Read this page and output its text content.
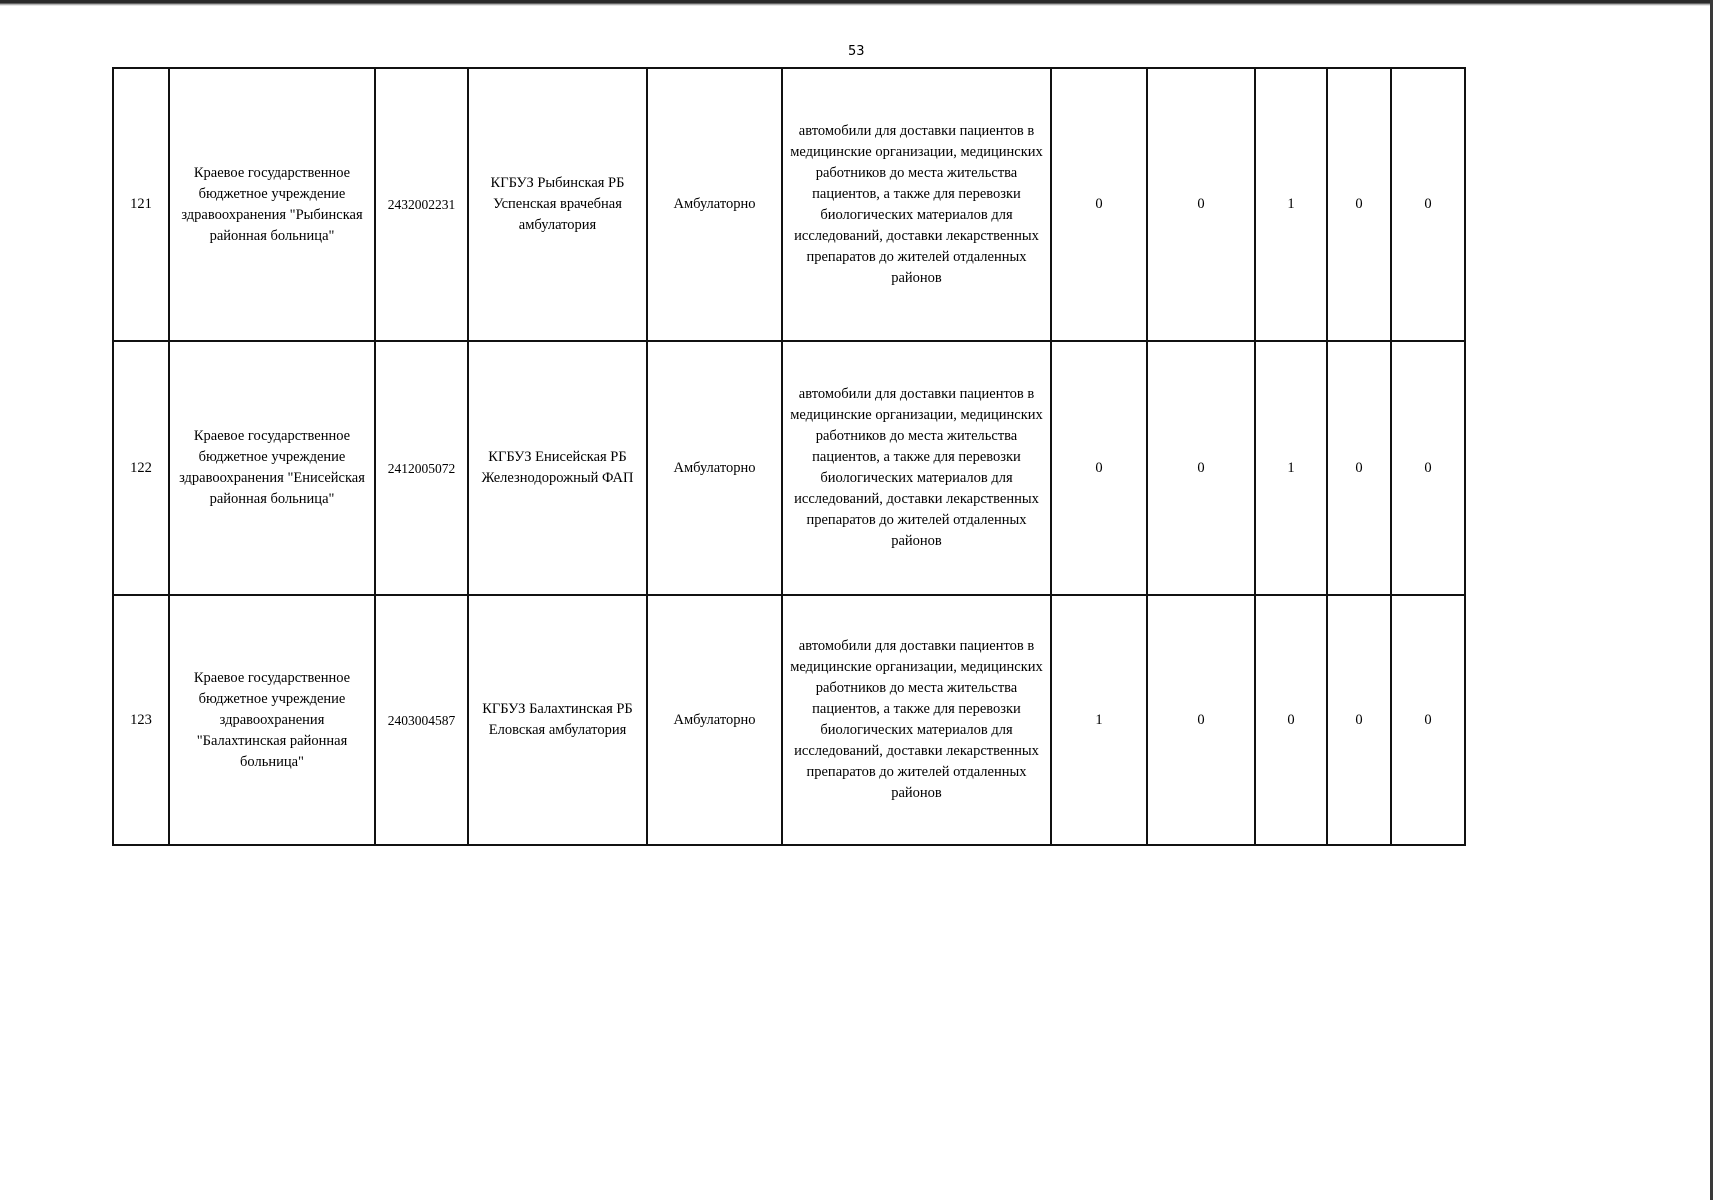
53
121	Краевое государственное бюджетное учреждение здравоохранения "Рыбинская районная больница"	2432002231	КГБУЗ Рыбинская РБ Успенская врачебная амбулатория	Амбулаторно	автомобили для доставки пациентов в медицинские организации, медицинских работников до места жительства пациентов, а также для перевозки биологических материалов для исследований, доставки лекарственных препаратов до жителей отдаленных районов	0	0	1	0	0
122	Краевое государственное бюджетное учреждение здравоохранения "Енисейская районная больница"	2412005072	КГБУЗ Енисейская РБ Железнодорожный ФАП	Амбулаторно	автомобили для доставки пациентов в медицинские организации, медицинских работников до места жительства пациентов, а также для перевозки биологических материалов для исследований, доставки лекарственных препаратов до жителей отдаленных районов	0	0	1	0	0
123	Краевое государственное бюджетное учреждение здравоохранения "Балахтинская районная больница"	2403004587	КГБУЗ Балахтинская РБ Еловская амбулатория	Амбулаторно	автомобили для доставки пациентов в медицинские организации, медицинских работников до места жительства пациентов, а также для перевозки биологических материалов для исследований, доставки лекарственных препаратов до жителей отдаленных районов	1	0	0	0	0
